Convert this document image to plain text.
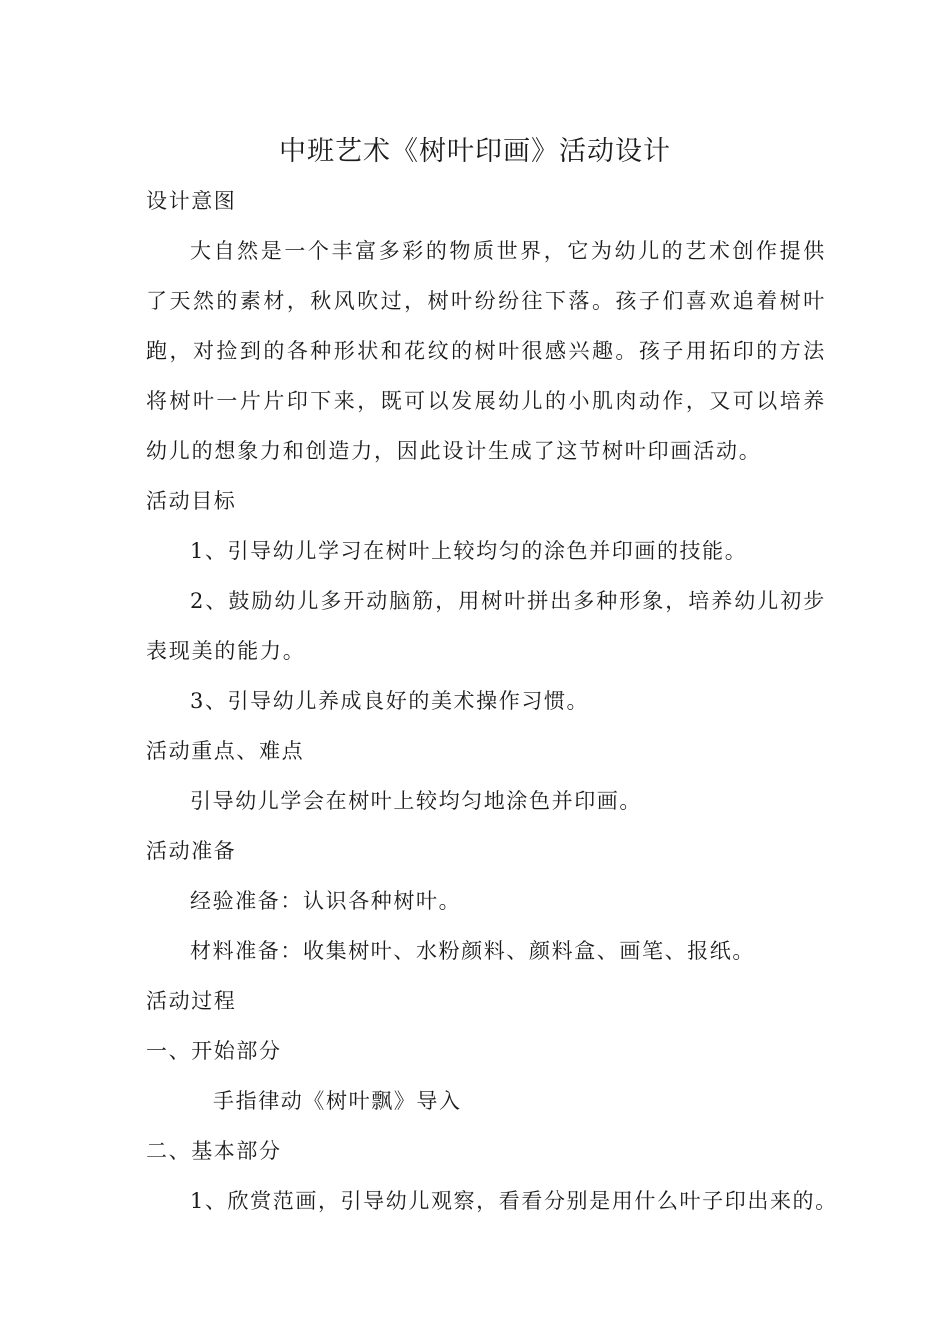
中班艺术《树叶印画》活动设计

设计意图

大自然是一个丰富多彩的物质世界，它为幼儿的艺术创作提供了天然的素材，秋风吹过，树叶纷纷往下落。孩子们喜欢追着树叶跑，对捡到的各种形状和花纹的树叶很感兴趣。孩子用拓印的方法将树叶一片片印下来，既可以发展幼儿的小肌肉动作，又可以培养幼儿的想象力和创造力，因此设计生成了这节树叶印画活动。

活动目标

1、引导幼儿学习在树叶上较均匀的涂色并印画的技能。

2、鼓励幼儿多开动脑筋，用树叶拼出多种形象，培养幼儿初步表现美的能力。

3、引导幼儿养成良好的美术操作习惯。

活动重点、难点

引导幼儿学会在树叶上较均匀地涂色并印画。

活动准备

经验准备：认识各种树叶。

材料准备：收集树叶、水粉颜料、颜料盒、画笔、报纸。

活动过程

一、开始部分

手指律动《树叶飘》导入

二、基本部分

1、欣赏范画，引导幼儿观察，看看分别是用什么叶子印出来的。
